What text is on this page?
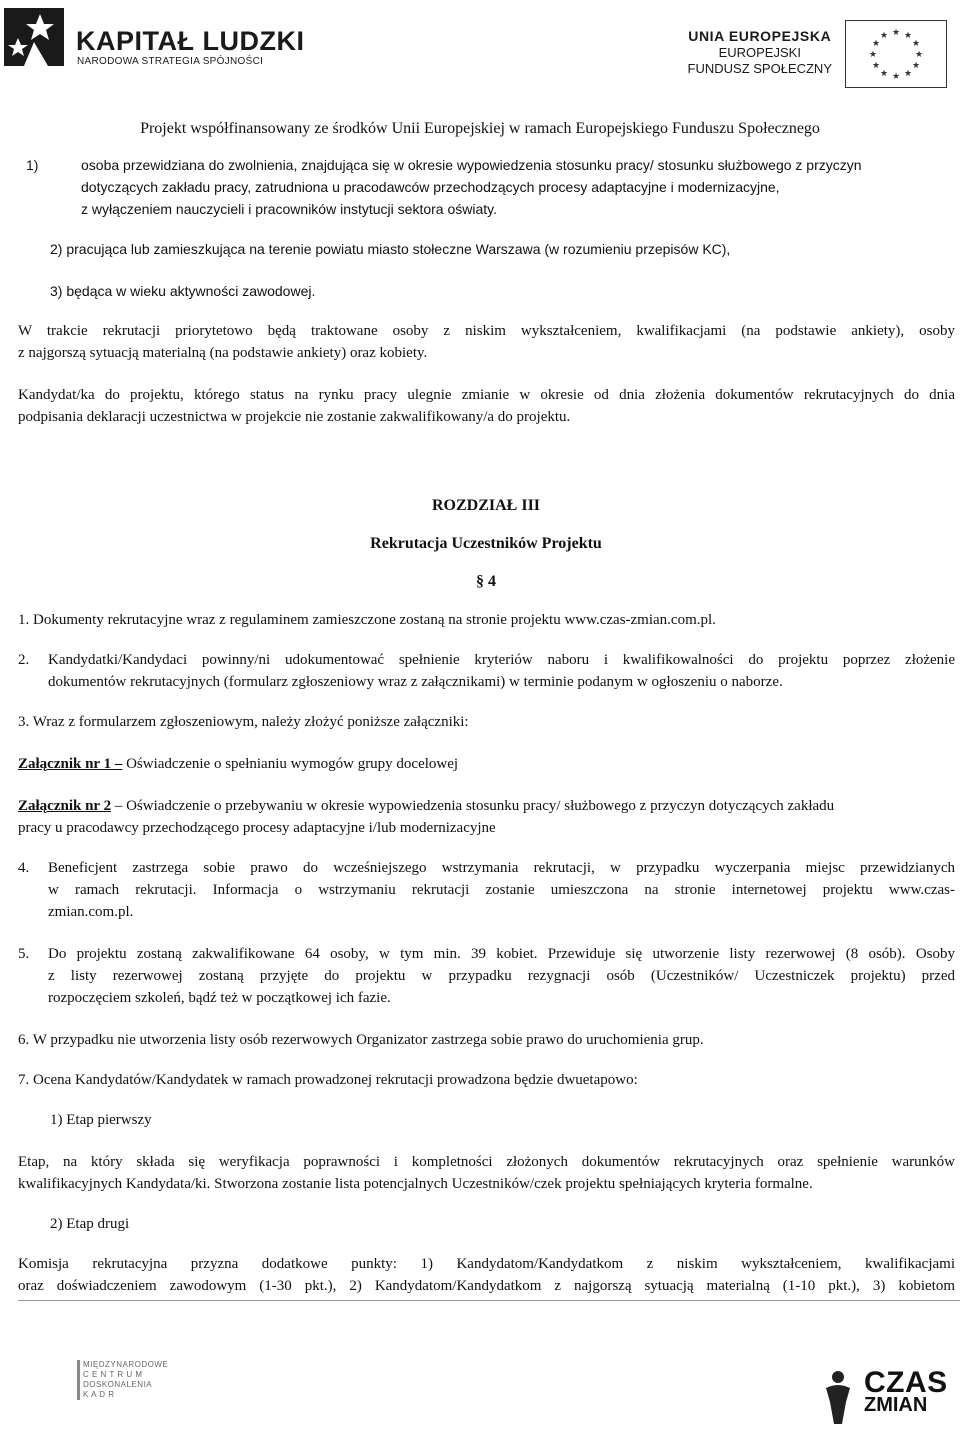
KAPITAŁ LUDZKI
NARODOWA STRATEGIA SPÓJNOŚCI
UNIA EUROPEJSKA
EUROPEJSKI
FUNDUSZ SPOŁECZNY
★ ★
★
★
★
★
★
★
★
★
★
★
Projekt współfinansowany ze środków Unii Europejskiej w ramach Europejskiego Funduszu Społecznego
1)	osoba przewidziana do zwolnienia, znajdująca się w okresie wypowiedzenia stosunku pracy/ stosunku służbowego z przyczyn
dotyczących zakładu pracy, zatrudniona u pracodawców przechodzących procesy adaptacyjne i modernizacyjne,
z wyłączeniem nauczycieli i pracowników instytucji sektora oświaty.
2) pracująca lub zamieszkująca na terenie powiatu miasto stołeczne Warszawa (w rozumieniu przepisów KC),
3) będąca w wieku aktywności zawodowej.
W trakcie rekrutacji priorytetowo będą traktowane osoby z niskim wykształceniem, kwalifikacjami (na podstawie ankiety), osoby
z najgorszą sytuacją materialną (na podstawie ankiety) oraz kobiety.
Kandydat/ka do projektu, którego status na rynku pracy ulegnie zmianie w okresie od dnia złożenia dokumentów rekrutacyjnych do dnia
podpisania deklaracji uczestnictwa w projekcie nie zostanie zakwalifikowany/a do projektu.
ROZDZIAŁ III
Rekrutacja Uczestników Projektu
§ 4
1. Dokumenty rekrutacyjne wraz z regulaminem zamieszczone zostaną na stronie projektu www.czas-zmian.com.pl.
2. Kandydatki/Kandydaci powinny/ni udokumentować spełnienie kryteriów naboru i kwalifikowalności do projektu poprzez złożenie
dokumentów rekrutacyjnych (formularz zgłoszeniowy wraz z załącznikami) w terminie podanym w ogłoszeniu o naborze.
3. Wraz z formularzem zgłoszeniowym, należy złożyć poniższe załączniki:
Załącznik nr 1 – Oświadczenie o spełnianiu wymogów grupy docelowej
Załącznik nr 2 – Oświadczenie o przebywaniu w okresie wypowiedzenia stosunku pracy/ służbowego z przyczyn dotyczących zakładu
pracy u pracodawcy przechodzącego procesy adaptacyjne i/lub modernizacyjne
4. Beneficjent zastrzega sobie prawo do wcześniejszego wstrzymania rekrutacji, w przypadku wyczerpania miejsc przewidzianych
w ramach rekrutacji. Informacja o wstrzymaniu rekrutacji zostanie umieszczona na stronie internetowej projektu www.czas-
zmian.com.pl.
5. Do projektu zostaną zakwalifikowane 64 osoby, w tym min. 39 kobiet. Przewiduje się utworzenie listy rezerwowej (8 osób). Osoby
z listy rezerwowej zostaną przyjęte do projektu w przypadku rezygnacji osób (Uczestników/ Uczestniczek projektu) przed
rozpoczęciem szkoleń, bądź też w początkowej ich fazie.
6. W przypadku nie utworzenia listy osób rezerwowych Organizator zastrzega sobie prawo do uruchomienia grup.
7. Ocena Kandydatów/Kandydatek w ramach prowadzonej rekrutacji prowadzona będzie dwuetapowo:
1) Etap pierwszy
Etap, na który składa się weryfikacja poprawności i kompletności złożonych dokumentów rekrutacyjnych oraz spełnienie warunków
kwalifikacyjnych Kandydata/ki. Stworzona zostanie lista potencjalnych Uczestników/czek projektu spełniających kryteria formalne.
2) Etap drugi
Komisja rekrutacyjna przyzna dodatkowe punkty: 1) Kandydatom/Kandydatkom z niskim wykształceniem, kwalifikacjami
oraz doświadczeniem zawodowym (1-30 pkt.), 2) Kandydatom/Kandydatkom z najgorszą sytuacją materialną (1-10 pkt.), 3) kobietom
MIĘDZYNARODOWE
C E N T R U M
DOSKONALENIA
K A D R	CZAS
ZMIAN
